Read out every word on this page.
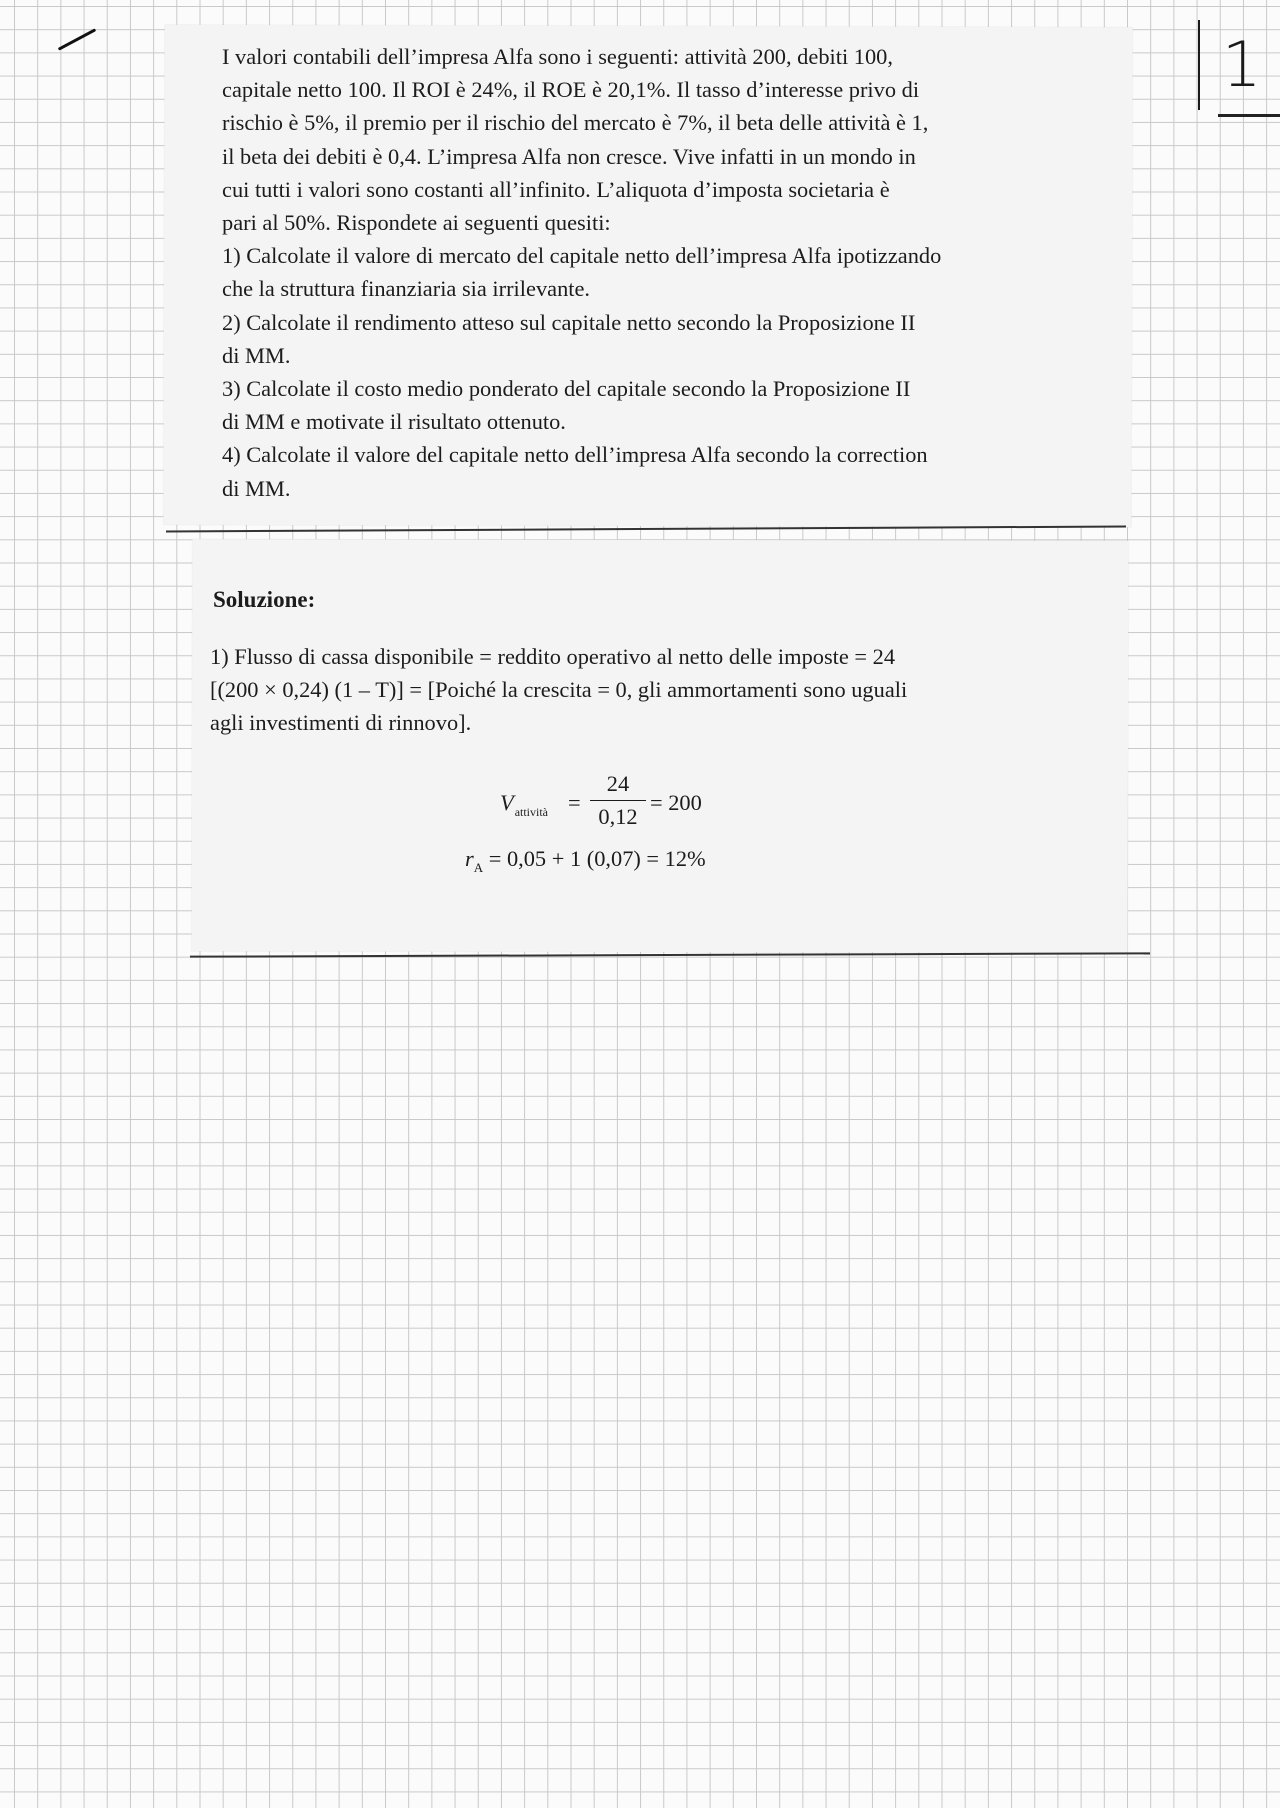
1

I valori contabili dell’impresa Alfa sono i seguenti: attività 200, debiti 100,

capitale netto 100. Il ROI è 24%, il ROE è 20,1%. Il tasso d’interesse privo di

rischio è 5%, il premio per il rischio del mercato è 7%, il beta delle attività è 1,

il beta dei debiti è 0,4. L’impresa Alfa non cresce. Vive infatti in un mondo in

cui tutti i valori sono costanti all’infinito. L’aliquota d’imposta societaria è

pari al 50%. Rispondete ai seguenti quesiti:

1) Calcolate il valore di mercato del capitale netto dell’impresa Alfa ipotizzando

che la struttura finanziaria sia irrilevante.

2) Calcolate il rendimento atteso sul capitale netto secondo la Proposizione II

di MM.

3) Calcolate il costo medio ponderato del capitale secondo la Proposizione II

di MM e motivate il risultato ottenuto.

4) Calcolate il valore del capitale netto dell’impresa Alfa secondo la correction

di MM.

Soluzione:

1) Flusso di cassa disponibile = reddito operativo al netto delle imposte = 24

[(200 × 0,24) (1 – T)] = [Poiché la crescita = 0, gli ammortamenti sono uguali

agli investimenti di rinnovo].

$V_{attività}$ =
24
0,12
= 200
$r_A = 0,05 + 1$ (0,07) = 12%
